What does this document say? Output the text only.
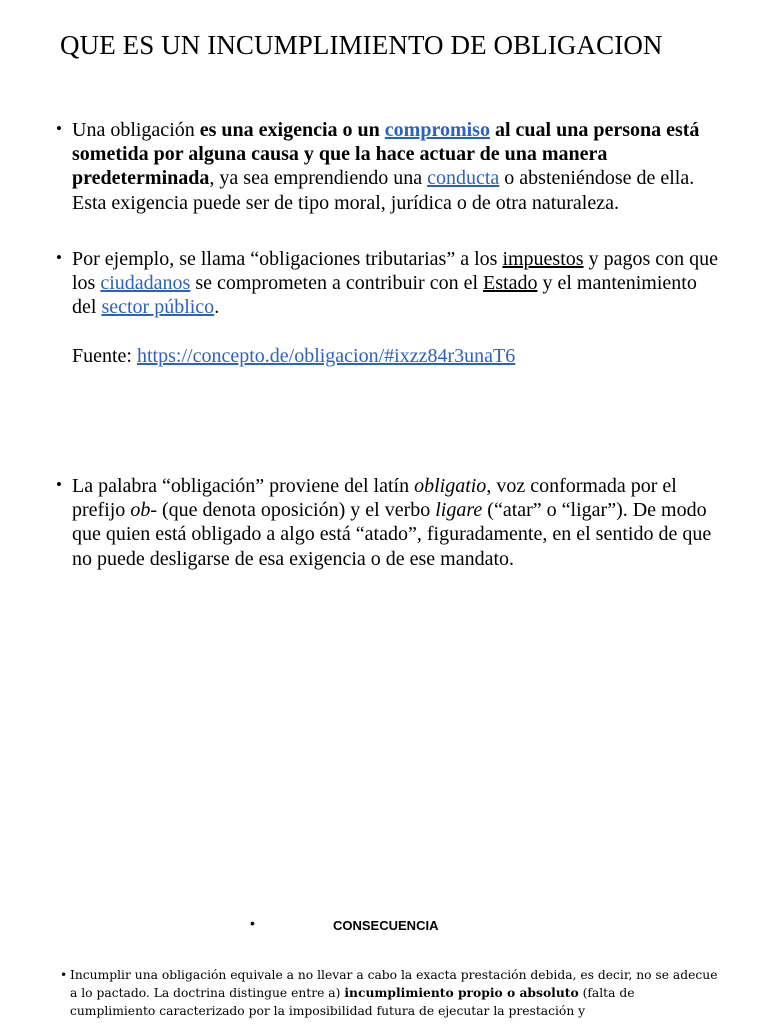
QUE ES UN INCUMPLIMIENTO DE OBLIGACION
• Una obligación es una exigencia o un compromiso al cual una persona está sometida por alguna causa y que la hace actuar de una manera predeterminada, ya sea emprendiendo una conducta o absteniéndose de ella. Esta exigencia puede ser de tipo moral, jurídica o de otra naturaleza.
• Por ejemplo, se llama “obligaciones tributarias” a los impuestos y pagos con que los ciudadanos se comprometen a contribuir con el Estado y el mantenimiento del sector público.
Fuente: https://concepto.de/obligacion/#ixzz84r3unaT6
• La palabra “obligación” proviene del latín obligatio, voz conformada por el prefijo ob- (que denota oposición) y el verbo ligare (“atar” o “ligar”). De modo que quien está obligado a algo está “atado”, figuradamente, en el sentido de que no puede desligarse de esa exigencia o de ese mandato.
•	CONSECUENCIA
• Incumplir una obligación equivale a no llevar a cabo la exacta prestación debida, es decir, no se adecue a lo pactado. La doctrina distingue entre a) incumplimiento propio o absoluto (falta de cumplimiento caracterizado por la imposibilidad futura de ejecutar la prestación y
